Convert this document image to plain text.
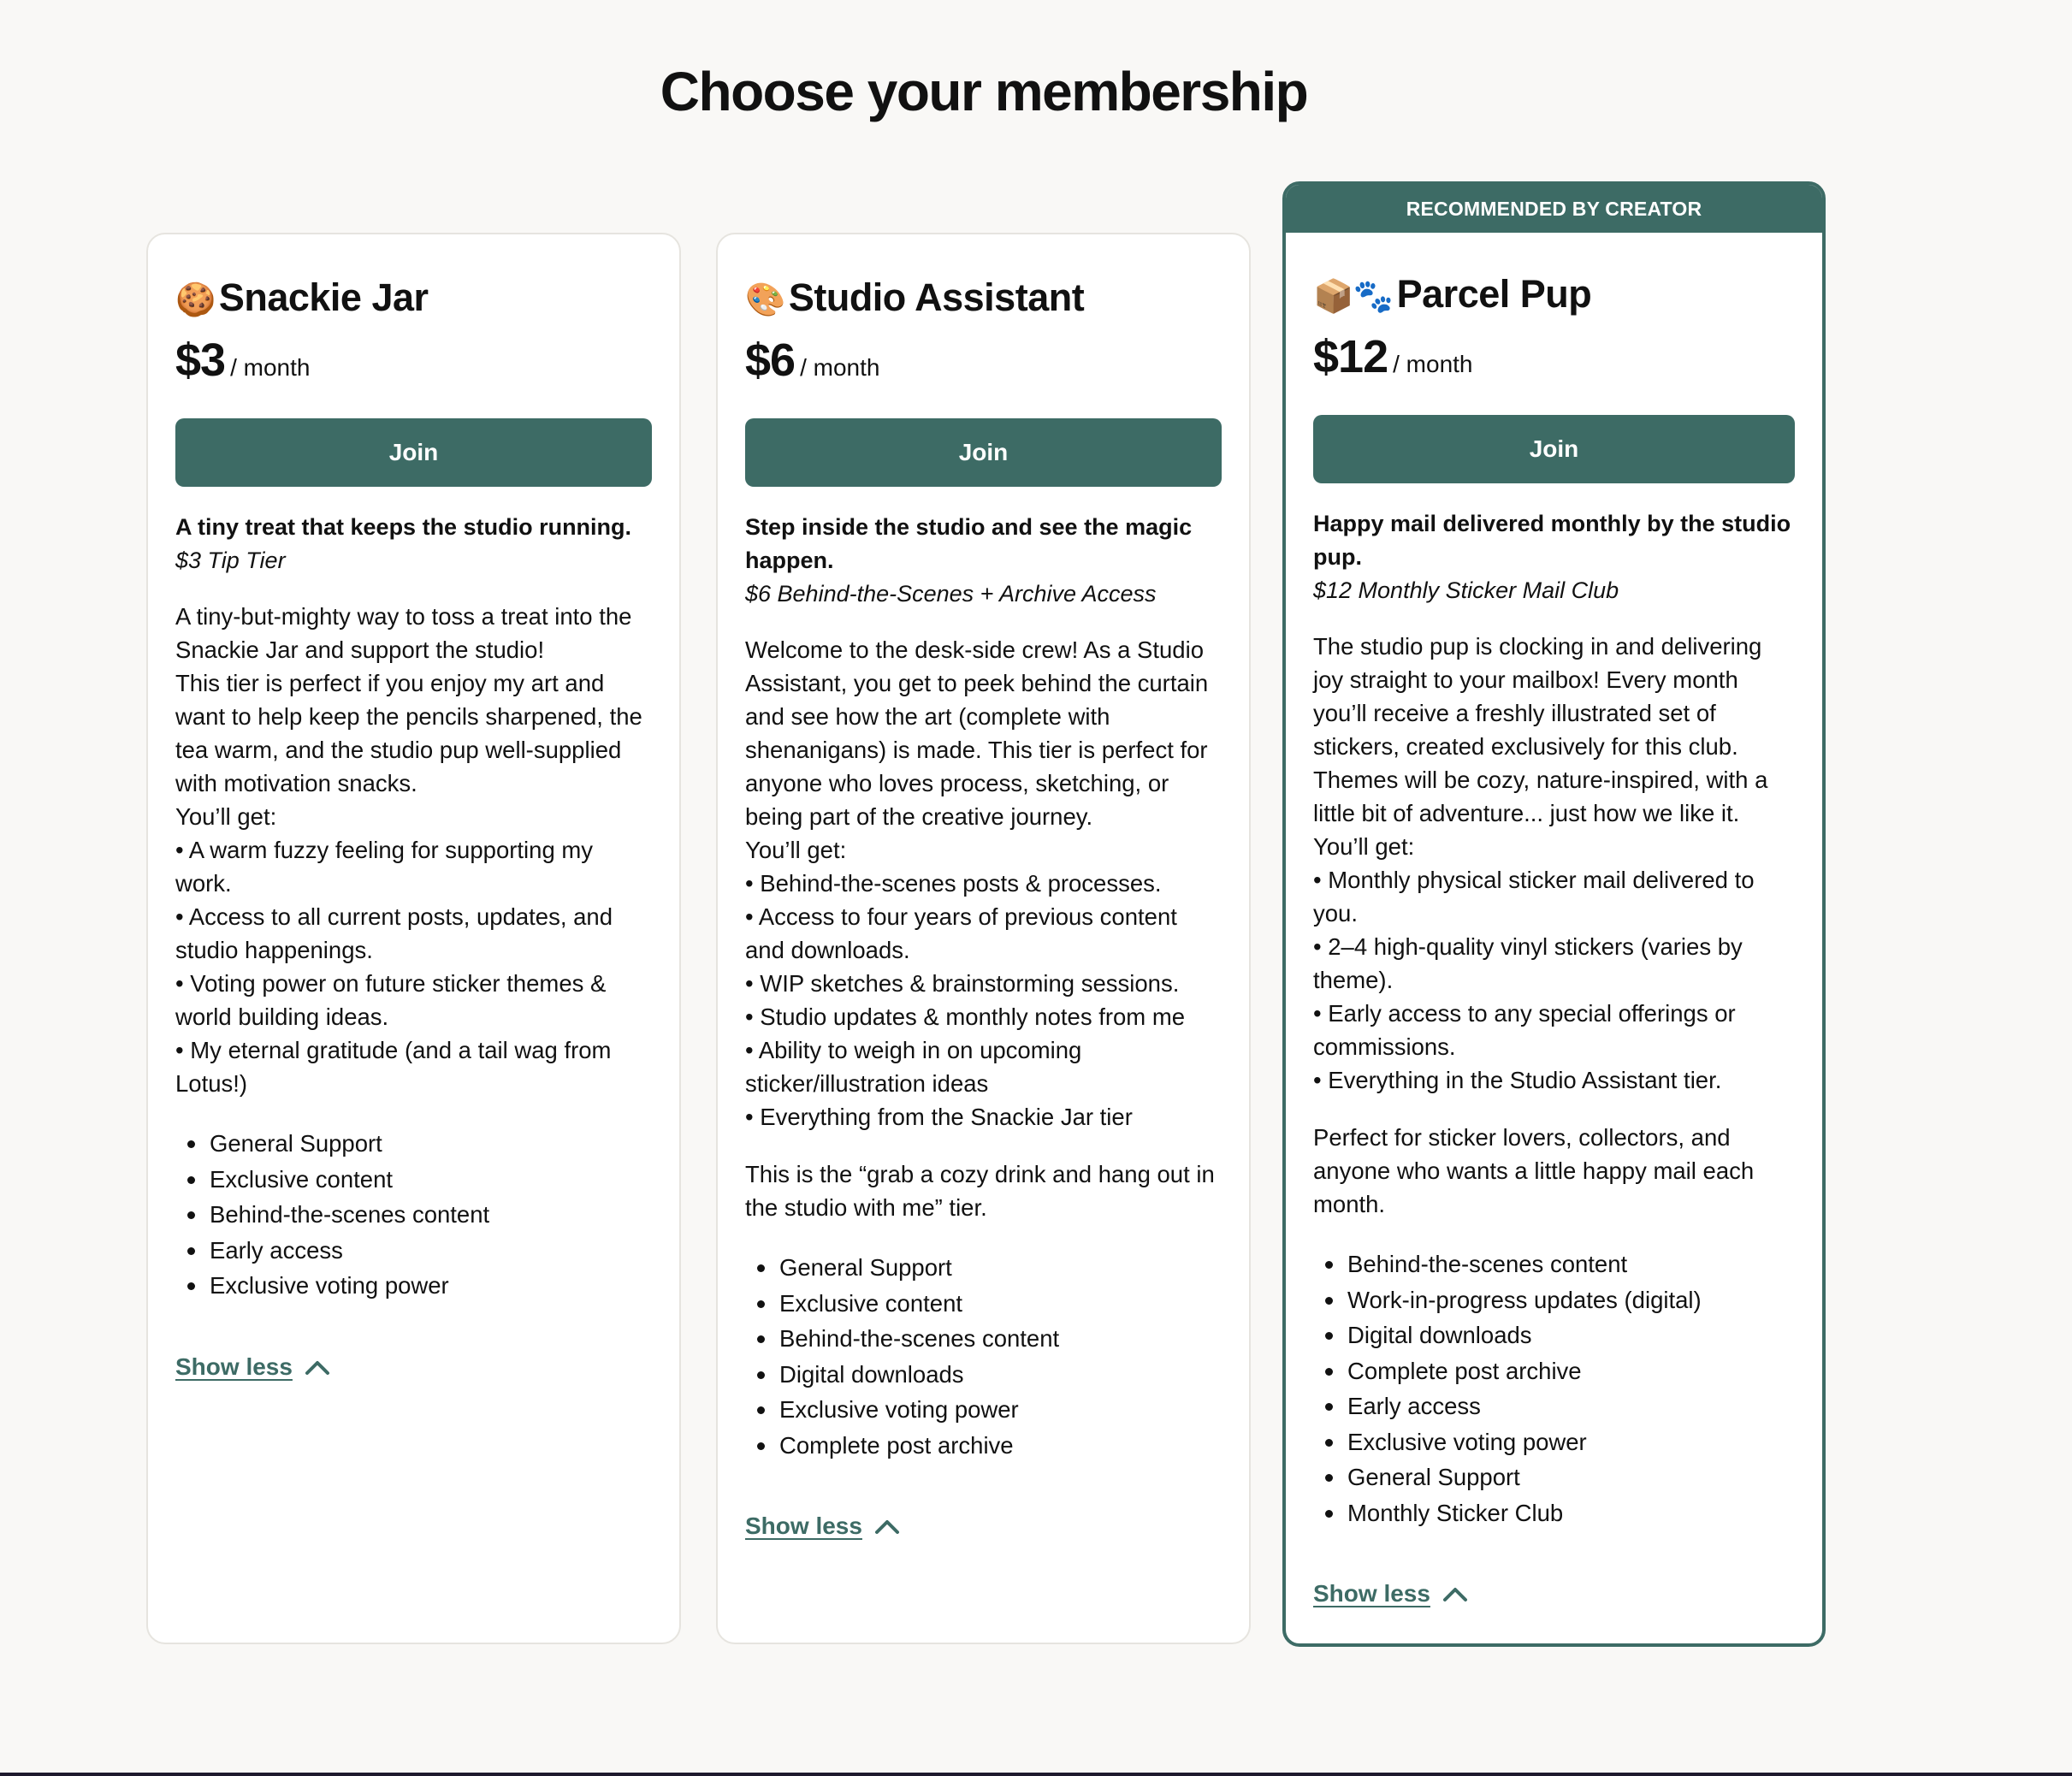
Choose your membership
🍪Snackie Jar
$3 / month
Join
A tiny treat that keeps the studio running.
$3 Tip Tier

A tiny-but-mighty way to toss a treat into the Snackie Jar and support the studio!

This tier is perfect if you enjoy my art and want to help keep the pencils sharpened, the tea warm, and the studio pup well-supplied with motivation snacks.

You’ll get:

• A warm fuzzy feeling for supporting my work.

• Access to all current posts, updates, and studio happenings.

• Voting power on future sticker themes & world building ideas.

• My eternal gratitude (and a tail wag from Lotus!)

General Support
Exclusive content
Behind-the-scenes content
Early access
Exclusive voting power
Show less
🎨Studio Assistant
$6 / month
Join
Step inside the studio and see the magic happen.
$6 Behind-the-Scenes + Archive Access

Welcome to the desk-side crew! As a Studio Assistant, you get to peek behind the curtain and see how the art (complete with shenanigans) is made. This tier is perfect for anyone who loves process, sketching, or being part of the creative journey.

You’ll get:

• Behind-the-scenes posts & processes.

• Access to four years of previous content and downloads.

• WIP sketches & brainstorming sessions.

• Studio updates & monthly notes from me

• Ability to weigh in on upcoming sticker/illustration ideas

• Everything from the Snackie Jar tier

This is the “grab a cozy drink and hang out in the studio with me” tier.

General Support
Exclusive content
Behind-the-scenes content
Digital downloads
Exclusive voting power
Complete post archive
Show less
RECOMMENDED BY CREATOR
📦🐾Parcel Pup
$12 / month
Join
Happy mail delivered monthly by the studio pup.
$12 Monthly Sticker Mail Club

The studio pup is clocking in and delivering joy straight to your mailbox! Every month you’ll receive a freshly illustrated set of stickers, created exclusively for this club. Themes will be cozy, nature-inspired, with a little bit of adventure... just how we like it.

You’ll get:

• Monthly physical sticker mail delivered to you.

• 2–4 high-quality vinyl stickers (varies by theme).

• Early access to any special offerings or commissions.

• Everything in the Studio Assistant tier.

Perfect for sticker lovers, collectors, and anyone who wants a little happy mail each month.

Behind-the-scenes content
Work-in-progress updates (digital)
Digital downloads
Complete post archive
Early access
Exclusive voting power
General Support
Monthly Sticker Club
Show less
